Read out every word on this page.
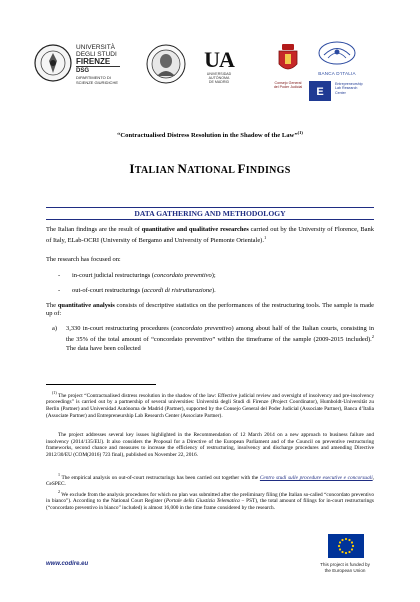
UNIVERSITÀ
DEGLI STUDI
FIRENZE
DSG
DIPARTIMENTO DI
SCIENZE GIURIDICHE
UA
UNIVERSIDAD AUTÓNOMA
DE MADRID	Consejo General
del Poder Judicial
BANCA D'ITALIA
E
Entrepreneurship
Lab Research
Center
“Contractualised Distress Resolution in the Shadow of the Law”$^{(1)}$
ITALIAN NATIONAL FINDINGS
DATA GATHERING AND METHODOLOGY
The Italian findings are the result of quantitative and qualitative researches carried out by the University of Florence, Bank of Italy, ELab-OCRI (University of Bergamo and University of Piemonte Orientale).$^1$
The research has focused on:
- in-court judicial restructurings (concordato preventivo);
- out-of-court restructurings (accordi di ristrutturazione).
The quantitative analysis consists of descriptive statistics on the performances of the restructuring tools. The sample is made up of:
a)	3,330 in-court restructuring procedures (concordato preventivo) among about half of the Italian courts, consisting in the 35% of the total amount of “concordato preventivo” within the timeframe of the sample (2009-2015 included).$^2$ The data have been collected
$^{(1)}$ The project “Contractualised distress resolution in the shadow of the law: Effective judicial review and oversight of insolvency and pre-insolvency proceedings” is carried out by a partnership of several universities: Università degli Studi di Firenze (Project Coordinator), Humboldt-Universität zu Berlin (Partner) and Universidad Autónoma de Madrid (Partner), supported by the Consejo General del Poder Judicial (Associate Partner), Banca d’Italia (Associate Partner) and Entrepreneurship Lab Research Center (Associate Partner).
The project addresses several key issues highlighted in the Recommendation of 12 March 2014 on a new approach to business failure and insolvency (2014/135/EU). It also considers the Proposal for a Directive of the European Parliament and of the Council on preventive restructuring frameworks, second chance and measures to increase the efficiency of restructuring, insolvency and discharge procedures and amending Directive 2012/30/EU (COM(2016) 723 final), published on November 22, 2016.
$^1$ The empirical analysis on out-of-court restructurings has been carried out together with the Centro studi sulle procedure esecutive e concorsuali, CeSPEC.
$^2$ We exclude from the analysis procedures for which no plan was submitted after the preliminary filing (the Italian so-called “concordato preventivo in bianco”). According to the National Court Register (Portale della Giustizia Telematica − PST), the total amount of filings for in-court restructurings (“concordato preventivo in bianco” included) is almost 16,000 in the time frame considered by the research.
www.codire.eu	This project is funded by
the European Union
